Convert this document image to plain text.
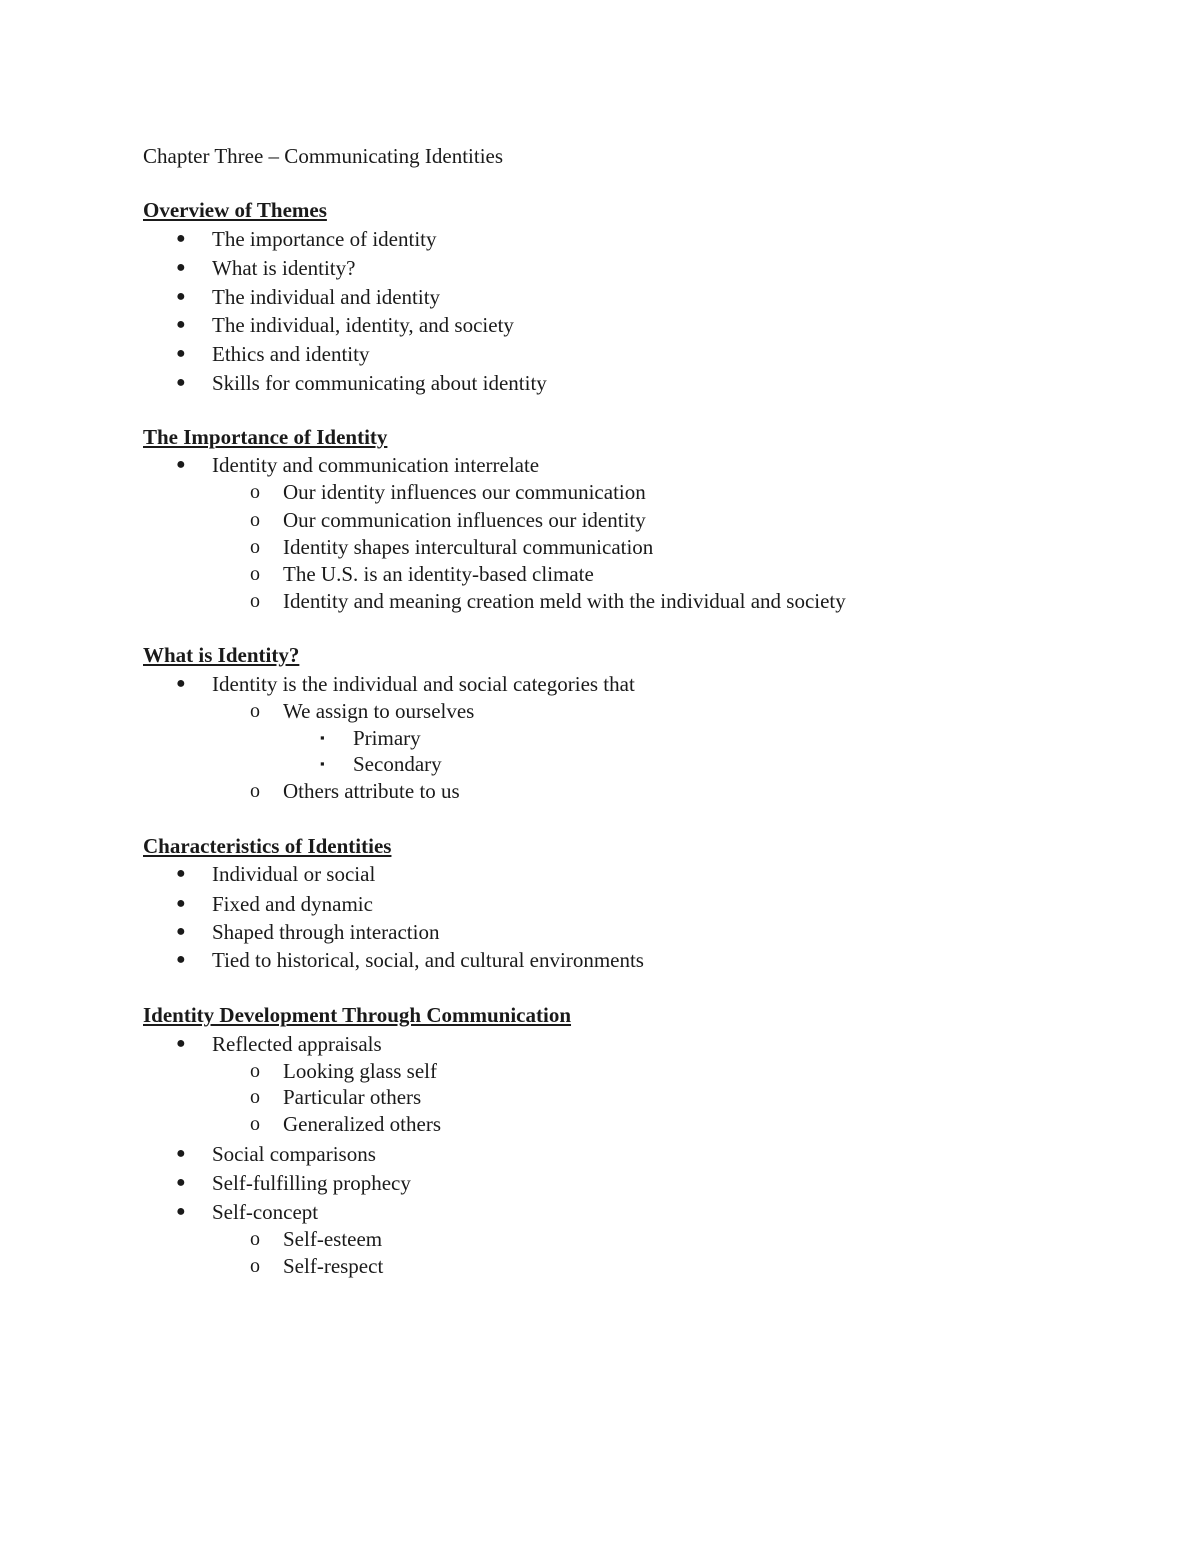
Chapter Three – Communicating Identities
Overview of Themes
● The importance of identity
● What is identity?
● The individual and identity
● The individual, identity, and society
● Ethics and identity
● Skills for communicating about identity
The Importance of Identity
● Identity and communication interrelate
o Our identity influences our communication
o Our communication influences our identity
o Identity shapes intercultural communication
o The U.S. is an identity-based climate
o Identity and meaning creation meld with the individual and society
What is Identity?
● Identity is the individual and social categories that
o We assign to ourselves
▪ Primary
▪ Secondary
o Others attribute to us
Characteristics of Identities
● Individual or social
● Fixed and dynamic
● Shaped through interaction
● Tied to historical, social, and cultural environments
Identity Development Through Communication
● Reflected appraisals
o Looking glass self
o Particular others
o Generalized others
● Social comparisons
● Self-fulfilling prophecy
● Self-concept
o Self-esteem
o Self-respect
